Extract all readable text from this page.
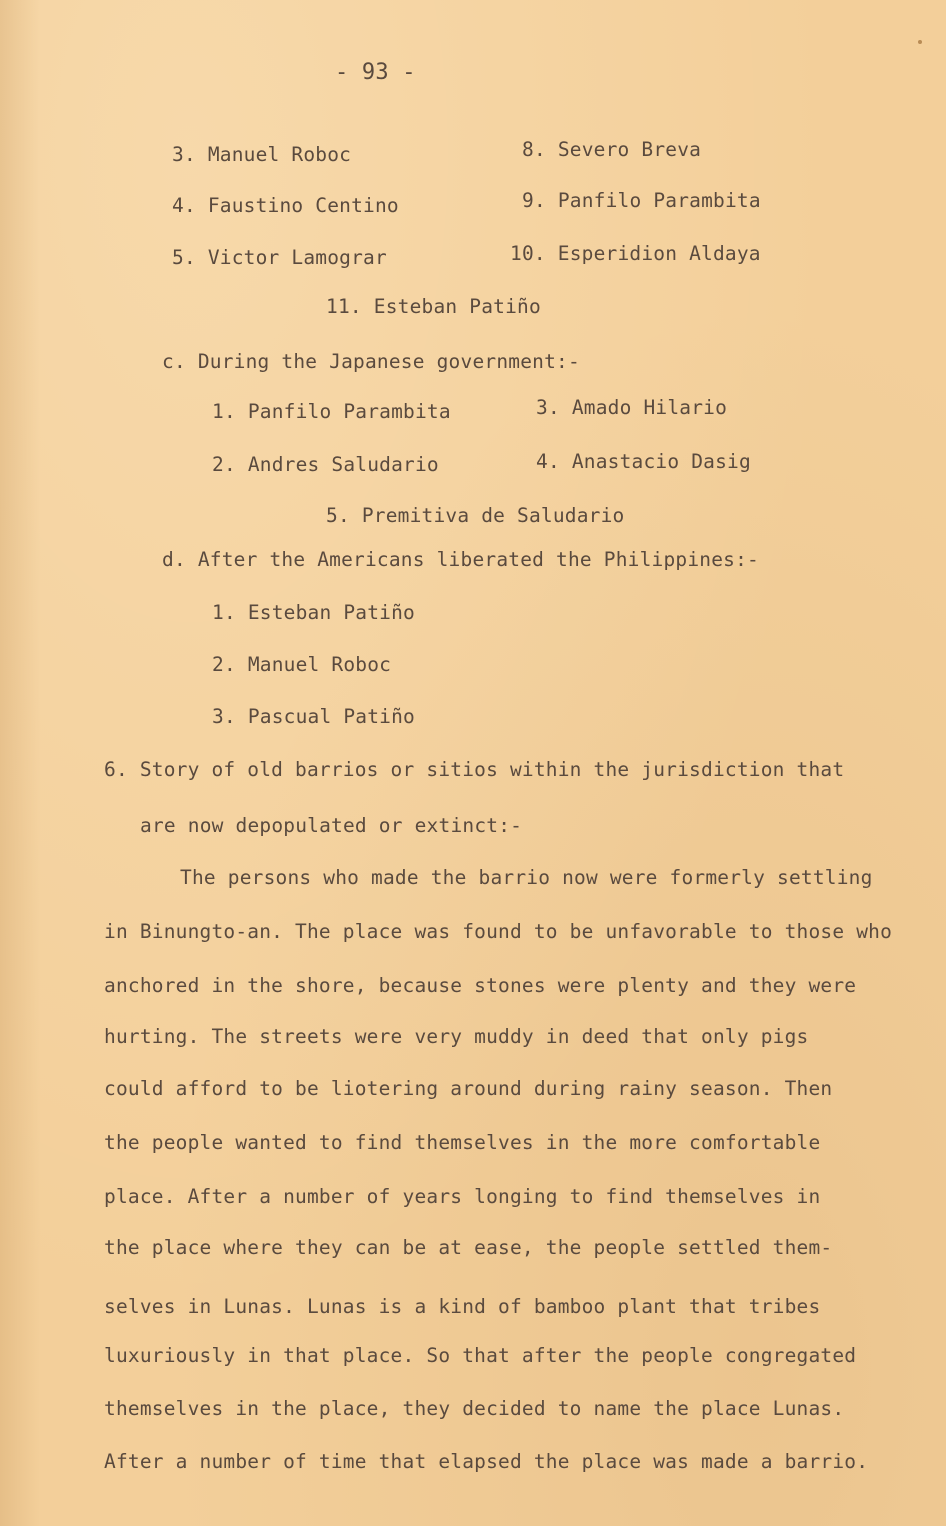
- 93 -
3. Manuel Roboc
4. Faustino Centino
5. Victor Lamograr
8. Severo Breva
9. Panfilo Parambita
10. Esperidion Aldaya
11. Esteban Patiño
c. During the Japanese government:-
1. Panfilo Parambita
2. Andres Saludario
3. Amado Hilario
4. Anastacio Dasig
5. Premitiva de Saludario
d. After the Americans liberated the Philippines:-
1. Esteban Patiño
2. Manuel Roboc
3. Pascual Patiño
6. Story of old barrios or sitios within the jurisdiction that
are now depopulated or extinct:-
The persons who made the barrio now were formerly settling
in Binungto-an. The place was found to be unfavorable to those who
anchored in the shore, because stones were plenty and they were
hurting. The streets were very muddy in deed that only pigs
could afford to be liotering around during rainy season. Then
the people wanted to find themselves in the more comfortable
place. After a number of years longing to find themselves in
the place where they can be at ease, the people settled them-
selves in Lunas. Lunas is a kind of bamboo plant that tribes
luxuriously in that place. So that after the people congregated
themselves in the place, they decided to name the place Lunas.
After a number of time that elapsed the place was made a barrio.
